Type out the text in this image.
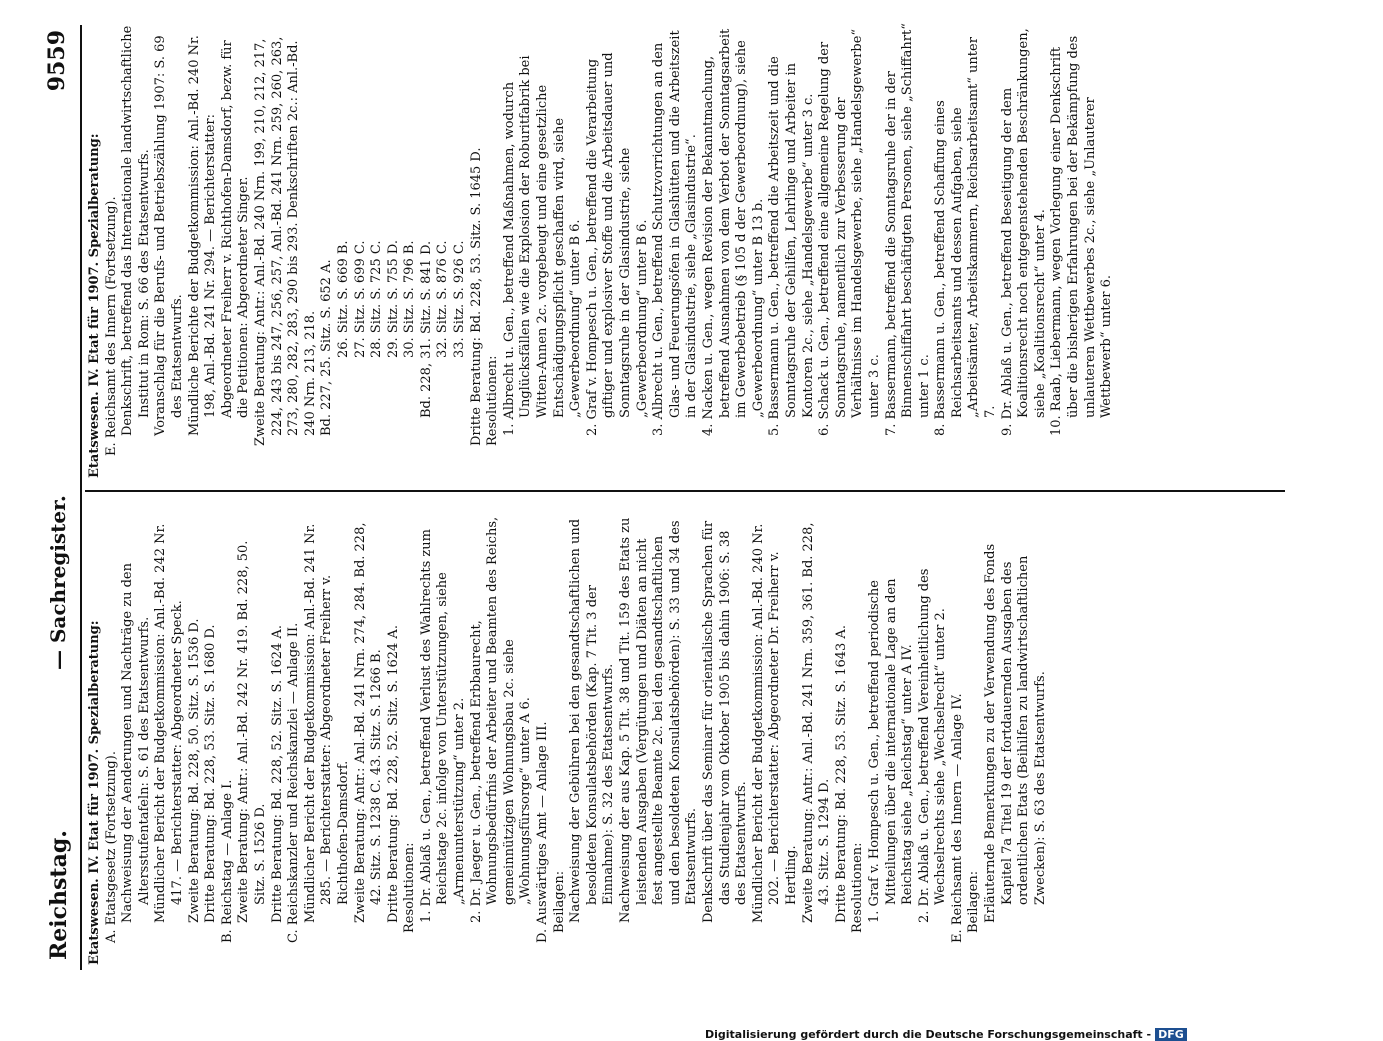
Reichstag.
— Sachregister.
9559

Etatswesen. IV. Etat für 1907. Spezialberatung: A. Etatsgesetz (Fortsetzung). Nachweisung der Aenderungen und Nachträge zu den Altersstufentafeln: S. 61 des Etatsentwurfs. Mündlicher Bericht der Budgetkommission: Anl.-Bd. 242 Nr. 417. — Berichterstatter: Abgeordneter Speck. Zweite Beratung: Bd. 228, 50. Sitz. S. 1536 D. Dritte Beratung: Bd. 228, 53. Sitz. S. 1680 D. B. Reichstag — Anlage I. Zweite Beratung: Antr.: Anl.-Bd. 242 Nr. 419. Bd. 228, 50. Sitz. S. 1526 D. Dritte Beratung: Bd. 228, 52. Sitz. S. 1624 A. C. Reichskanzler und Reichskanzlei — Anlage II. Mündlicher Bericht der Budgetkommission: Anl.-Bd. 241 Nr. 285. — Berichterstatter: Abgeordneter Freiherr v. Richthofen-Damsdorf. Zweite Beratung: Antr.: Anl.-Bd. 241 Nrn. 274, 284. Bd. 228, 42. Sitz. S. 1238 C. 43. Sitz. S. 1266 B. Dritte Beratung: Bd. 228, 52. Sitz. S. 1624 A. Resolutionen: 1. Dr. Ablaß u. Gen., betreffend Verlust des Wahlrechts zum Reichstage 2c. infolge von Unterstützungen, siehe „Armenunterstützung“ unter 2. 2. Dr. Jaeger u. Gen., betreffend Erbbaurecht, Wohnungsbedürfnis der Arbeiter und Beamten des Reichs, gemeinnützigen Wohnungsbau 2c. siehe „Wohnungsfürsorge“ unter A 6. D. Auswärtiges Amt — Anlage III. Beilagen: Nachweisung der Gebühren bei den gesandtschaftlichen und besoldeten Konsulatsbehörden (Kap. 7 Tit. 3 der Einnahme): S. 32 des Etatsentwurfs. Nachweisung der aus Kap. 5 Tit. 38 und Tit. 159 des Etats zu leistenden Ausgaben (Vergütungen und Diäten an nicht fest angestellte Beamte 2c. bei den gesandtschaftlichen und den besoldeten Konsulatsbehörden): S. 33 und 34 des Etatsentwurfs. Denkschrift über das Seminar für orientalische Sprachen für das Studienjahr vom Oktober 1905 bis dahin 1906: S. 38 des Etatsentwurfs. Mündlicher Bericht der Budgetkommission: Anl.-Bd. 240 Nr. 202. — Berichterstatter: Abgeordneter Dr. Freiherr v. Hertling. Zweite Beratung: Antr.: Anl.-Bd. 241 Nrn. 359, 361. Bd. 228, 43. Sitz. S. 1294 D. Dritte Beratung: Bd. 228, 53. Sitz. S. 1643 A. Resolutionen: 1. Graf v. Hompesch u. Gen., betreffend periodische Mitteilungen über die internationale Lage an den Reichstag siehe „Reichstag“ unter A IV. 2. Dr. Ablaß u. Gen., betreffend Vereinheitlichung des Wechselrechts siehe „Wechselrecht“ unter 2. E. Reichsamt des Innern — Anlage IV. Beilagen: Erläuternde Bemerkungen zu der Verwendung des Fonds Kapitel 7a Titel 19 der fortdauernden Ausgaben des ordentlichen Etats (Beihilfen zu landwirtschaftlichen Zwecken): S. 63 des Etatsentwurfs.

Etatswesen. IV. Etat für 1907. Spezialberatung: E. Reichsamt des Innern (Fortsetzung). Denkschrift, betreffend das Internationale landwirtschaftliche Institut in Rom: S. 66 des Etatsentwurfs. Voranschlag für die Berufs- und Betriebszählung 1907: S. 69 des Etatsentwurfs. Mündliche Berichte der Budgetkommission: Anl.-Bd. 240 Nr. 198, Anl.-Bd. 241 Nr. 294. — Berichterstatter: Abgeordneter Freiherr v. Richthofen-Damsdorf, bezw. für die Petitionen: Abgeordneter Singer. Zweite Beratung: Antr.: Anl.-Bd. 240 Nrn. 199, 210, 212, 217, 224, 243 bis 247, 256, 257, Anl.-Bd. 241 Nrn. 259, 260, 263, 273, 280, 282, 283, 290 bis 293. Denkschriften 2c.: Anl.-Bd. 240 Nrn. 213, 218. Bd. 227, 25. Sitz. S. 652 A. 26. Sitz. S. 669 B. 27. Sitz. S. 699 C. 28. Sitz. S. 725 C. 29. Sitz. S. 755 D. 30. Sitz. S. 796 B. Bd. 228, 31. Sitz. S. 841 D. 32. Sitz. S. 876 C. 33. Sitz. S. 926 C. Dritte Beratung: Bd. 228, 53. Sitz. S. 1645 D. Resolutionen: 1. Albrecht u. Gen., betreffend Maßnahmen, wodurch Unglücksfällen wie die Explosion der Roburitfabrik bei Witten-Annen 2c. vorgebeugt und eine gesetzliche Entschädigungspflicht geschaffen wird, siehe „Gewerbeordnung“ unter B 6. 2. Graf v. Hompesch u. Gen., betreffend die Verarbeitung giftiger und explosiver Stoffe und die Arbeitsdauer und Sonntagsruhe in der Glasindustrie, siehe „Gewerbeordnung“ unter B 6. 3. Albrecht u. Gen., betreffend Schutzvorrichtungen an den Glas- und Feuerungsöfen in Glashütten und die Arbeitszeit in der Glasindustrie, siehe „Glasindustrie“. 4. Nacken u. Gen., wegen Revision der Bekanntmachung, betreffend Ausnahmen von dem Verbot der Sonntagsarbeit im Gewerbebetrieb (§ 105 d der Gewerbeordnung), siehe „Gewerbeordnung“ unter B 13 b. 5. Bassermann u. Gen., betreffend die Arbeitszeit und die Sonntagsruhe der Gehilfen, Lehrlinge und Arbeiter in Kontoren 2c., siehe „Handelsgewerbe“ unter 3 c. 6. Schack u. Gen., betreffend eine allgemeine Regelung der Sonntagsruhe, namentlich zur Verbesserung der Verhältnisse im Handelsgewerbe, siehe „Handelsgewerbe“ unter 3 c. 7. Bassermann, betreffend die Sonntagsruhe der in der Binnenschiffahrt beschäftigten Personen, siehe „Schiffahrt“ unter 1 c. 8. Bassermann u. Gen., betreffend Schaffung eines Reichsarbeitsamts und dessen Aufgaben, siehe „Arbeitsämter, Arbeitskammern, Reichsarbeitsamt“ unter 7. 9. Dr. Ablaß u. Gen., betreffend Beseitigung der dem Koalitionsrecht noch entgegenstehenden Beschränkungen, siehe „Koalitionsrecht“ unter 4. 10. Raab, Liebermann, wegen Vorlegung einer Denkschrift über die bisherigen Erfahrungen bei der Bekämpfung des unlauteren Wettbewerbes 2c., siehe „Unlauterer Wettbewerb“ unter 6.

Digitalisierung gefördert durch die Deutsche Forschungsgemeinschaft - DFG
